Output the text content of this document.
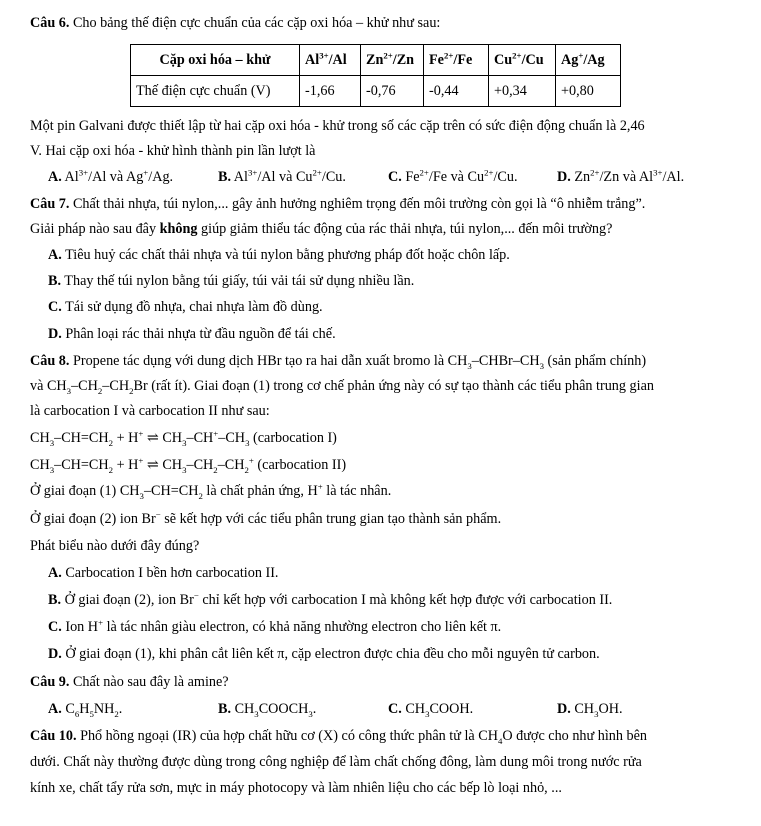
Câu 6. Cho bảng thế điện cực chuẩn của các cặp oxi hóa – khử như sau:
Cặp oxi hóa – khử	$Al^{3+}/Al$	$Zn^{2+}/Zn$	$Fe^{2+}/Fe$	$Cu^{2+}/Cu$	Ag+/Ag
Thế điện cực chuẩn (V)	-1,66	-0,76	-0,44	+0,34	+0,80
Một pin Galvani được thiết lập từ hai cặp oxi hóa - khử trong số các cặp trên có sức điện động chuẩn là 2,46
V. Hai cặp oxi hóa - khử hình thành pin lần lượt là
A. $Al^{3+}/Al$ và Ag+/Ag.	B. $Al^{3+}/Al$ và $Cu^{2+}/Cu$.	C. $Fe^{2+}/Fe$ và $Cu^{2+}/Cu$.	D. $Zn^{2+}/Zn$ và $Al^{3+}/Al$.
Câu 7. Chất thải nhựa, túi nylon,... gây ảnh hưởng nghiêm trọng đến môi trường còn gọi là “ô nhiễm trắng”.
Giải pháp nào sau đây không giúp giảm thiểu tác động của rác thải nhựa, túi nylon,... đến môi trường?
A. Tiêu huỷ các chất thải nhựa và túi nylon bằng phương pháp đốt hoặc chôn lấp.
B. Thay thế túi nylon bằng túi giấy, túi vải tái sử dụng nhiều lần.
C. Tái sử dụng đồ nhựa, chai nhựa làm đồ dùng.
D. Phân loại rác thải nhựa từ đầu nguồn để tái chế.
Câu 8. Propene tác dụng với dung dịch HBr tạo ra hai dẫn xuất bromo là $CH_3-CHBr-CH_3$ (sản phẩm chính)
và $CH_3-CH_2-CH_2Br$ (rất ít). Giai đoạn (1) trong cơ chế phản ứng này có sự tạo thành các tiểu phân trung gian
là carbocation I và carbocation II như sau:
$CH_3-CH=CH_2 + H^+$ ⇌ $CH_3-CH^+-CH_3$ (carbocation I)
$CH_3-CH=CH_2 + H^+$ ⇌ $CH_3-CH_2-CH_2^+$ (carbocation II)
Ở giai đoạn (1) $CH_3-CH=CH_2$ là chất phản ứng, H+ là tác nhân.
Ở giai đoạn (2) ion Br− sẽ kết hợp với các tiểu phân trung gian tạo thành sản phẩm.
Phát biểu nào dưới đây đúng?
A. Carbocation I bền hơn carbocation II.
B. Ở giai đoạn (2), ion Br− chỉ kết hợp với carbocation I mà không kết hợp được với carbocation II.
C. Ion H+ là tác nhân giàu electron, có khả năng nhường electron cho liên kết π.
D. Ở giai đoạn (1), khi phân cắt liên kết π, cặp electron được chia đều cho mỗi nguyên tử carbon.
Câu 9. Chất nào sau đây là amine?
A. $C_6H_5NH_2$.	B. $CH_3COOCH_3$.	C. $CH_3COOH$.	D. $CH_3OH$.
Câu 10. Phổ hồng ngoại (IR) của hợp chất hữu cơ (X) có công thức phân tử là $CH_4O$ được cho như hình bên
dưới. Chất này thường được dùng trong công nghiệp để làm chất chống đông, làm dung môi trong nước rửa
kính xe, chất tẩy rửa sơn, mực in máy photocopy và làm nhiên liệu cho các bếp lò loại nhỏ, ...
